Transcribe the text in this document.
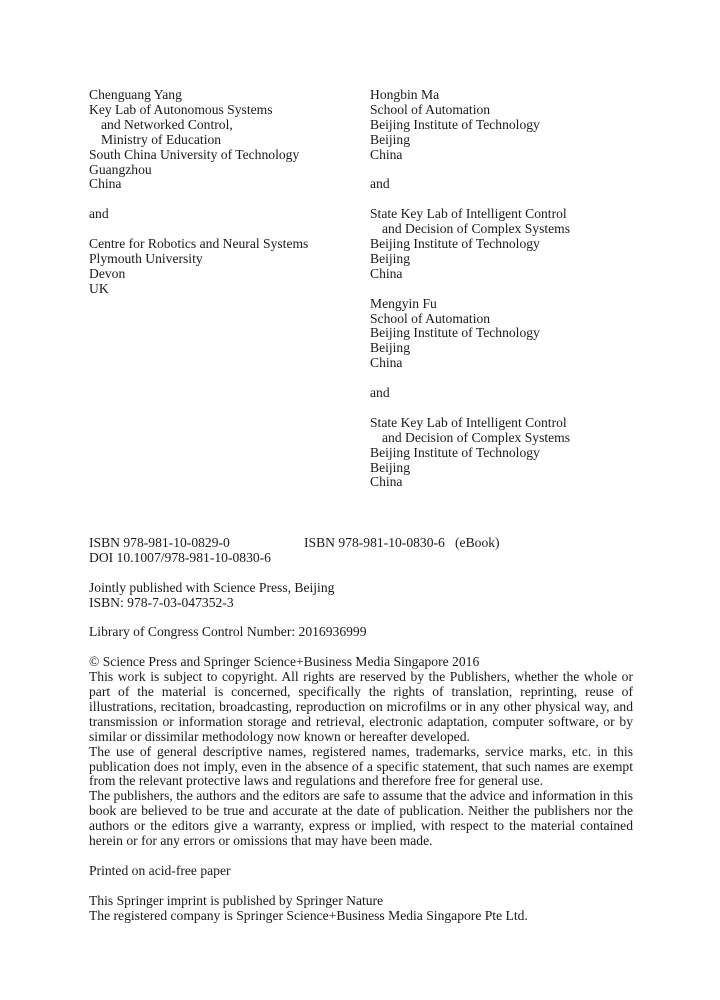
Chenguang Yang
Key Lab of Autonomous Systems
and Networked Control,
Ministry of Education
South China University of Technology
Guangzhou
China
and
Centre for Robotics and Neural Systems
Plymouth University
Devon
UK
Hongbin Ma
School of Automation
Beijing Institute of Technology
Beijing
China
and
State Key Lab of Intelligent Control
and Decision of Complex Systems
Beijing Institute of Technology
Beijing
China
Mengyin Fu
School of Automation
Beijing Institute of Technology
Beijing
China
and
State Key Lab of Intelligent Control
and Decision of Complex Systems
Beijing Institute of Technology
Beijing
China
ISBN 978-981-10-0829-0	ISBN 978-981-10-0830-6   (eBook)
DOI 10.1007/978-981-10-0830-6
Jointly published with Science Press, Beijing
ISBN: 978-7-03-047352-3
Library of Congress Control Number: 2016936999
© Science Press and Springer Science+Business Media Singapore 2016
This work is subject to copyright. All rights are reserved by the Publishers, whether the whole or part of the material is concerned, specifically the rights of translation, reprinting, reuse of illustrations, recitation, broadcasting, reproduction on microfilms or in any other physical way, and transmission or information storage and retrieval, electronic adaptation, computer software, or by similar or dissimilar methodology now known or hereafter developed.
The use of general descriptive names, registered names, trademarks, service marks, etc. in this publication does not imply, even in the absence of a specific statement, that such names are exempt from the relevant protective laws and regulations and therefore free for general use.
The publishers, the authors and the editors are safe to assume that the advice and information in this book are believed to be true and accurate at the date of publication. Neither the publishers nor the authors or the editors give a warranty, express or implied, with respect to the material contained herein or for any errors or omissions that may have been made.
Printed on acid-free paper
This Springer imprint is published by Springer Nature
The registered company is Springer Science+Business Media Singapore Pte Ltd.
